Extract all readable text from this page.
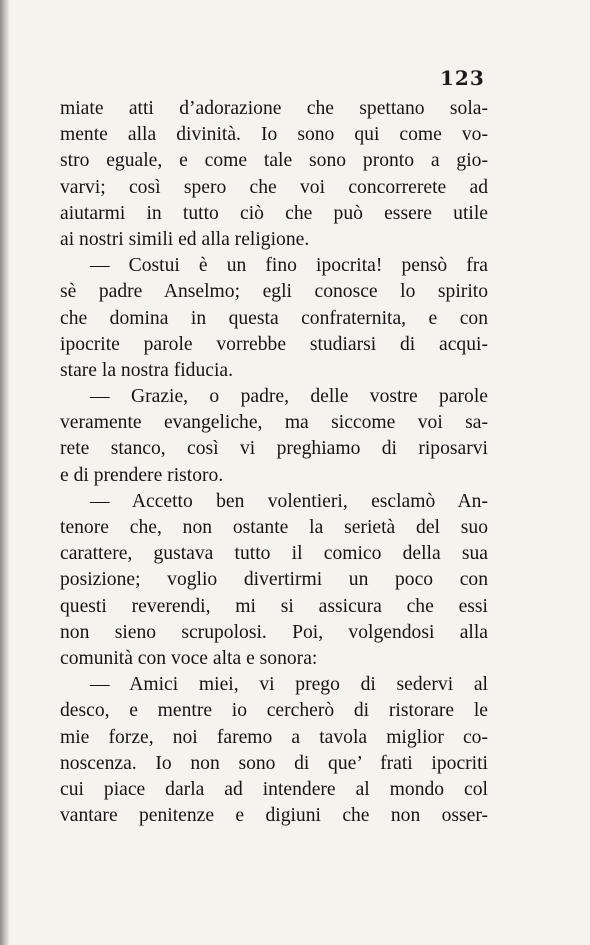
123
miate atti d’adorazione che spettano sola-
mente alla divinità. Io sono qui come vo-
stro eguale, e come tale sono pronto a gio-
varvi; così spero che voi concorrerete ad
aiutarmi in tutto ciò che può essere utile
ai nostri simili ed alla religione.
— Costui è un fino ipocrita! pensò fra
sè padre Anselmo; egli conosce lo spirito
che domina in questa confraternita, e con
ipocrite parole vorrebbe studiarsi di acqui-
stare la nostra fiducia.
— Grazie, o padre, delle vostre parole
veramente evangeliche, ma siccome voi sa-
rete stanco, così vi preghiamo di riposarvi
e di prendere ristoro.
— Accetto ben volentieri, esclamò An-
tenore che, non ostante la serietà del suo
carattere, gustava tutto il comico della sua
posizione; voglio divertirmi un poco con
questi reverendi, mi si assicura che essi
non sieno scrupolosi. Poi, volgendosi alla
comunità con voce alta e sonora:
— Amici miei, vi prego di sedervi al
desco, e mentre io cercherò di ristorare le
mie forze, noi faremo a tavola miglior co-
noscenza. Io non sono di que’ frati ipocriti
cui piace darla ad intendere al mondo col
vantare penitenze e digiuni che non osser-
